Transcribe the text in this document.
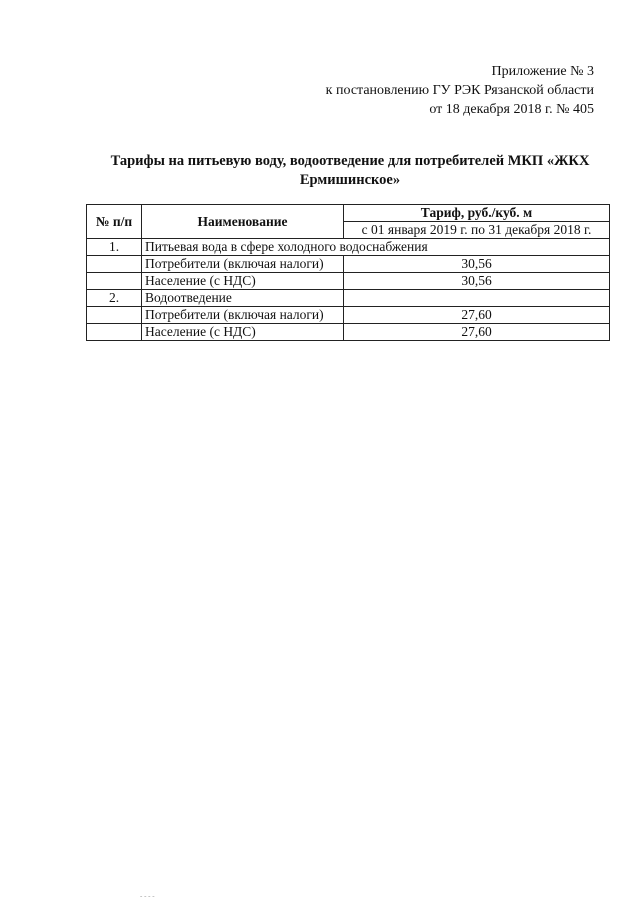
Приложение № 3
к постановлению ГУ РЭК Рязанской области
от 18 декабря 2018 г. № 405
Тарифы на питьевую воду, водоотведение для потребителей МКП «ЖКХ Ермишинское»
№ п/п	Наименование	Тариф, руб./куб. м
		с 01 января 2019 г. по 31 декабря 2018 г.
1.	Питьевая вода в сфере холодного водоснабжения	
	Потребители (включая налоги)	30,56
	Население (с НДС)	30,56
2.	Водоотведение	
	Потребители (включая налоги)	27,60
	Население (с НДС)	27,60
- - - -
